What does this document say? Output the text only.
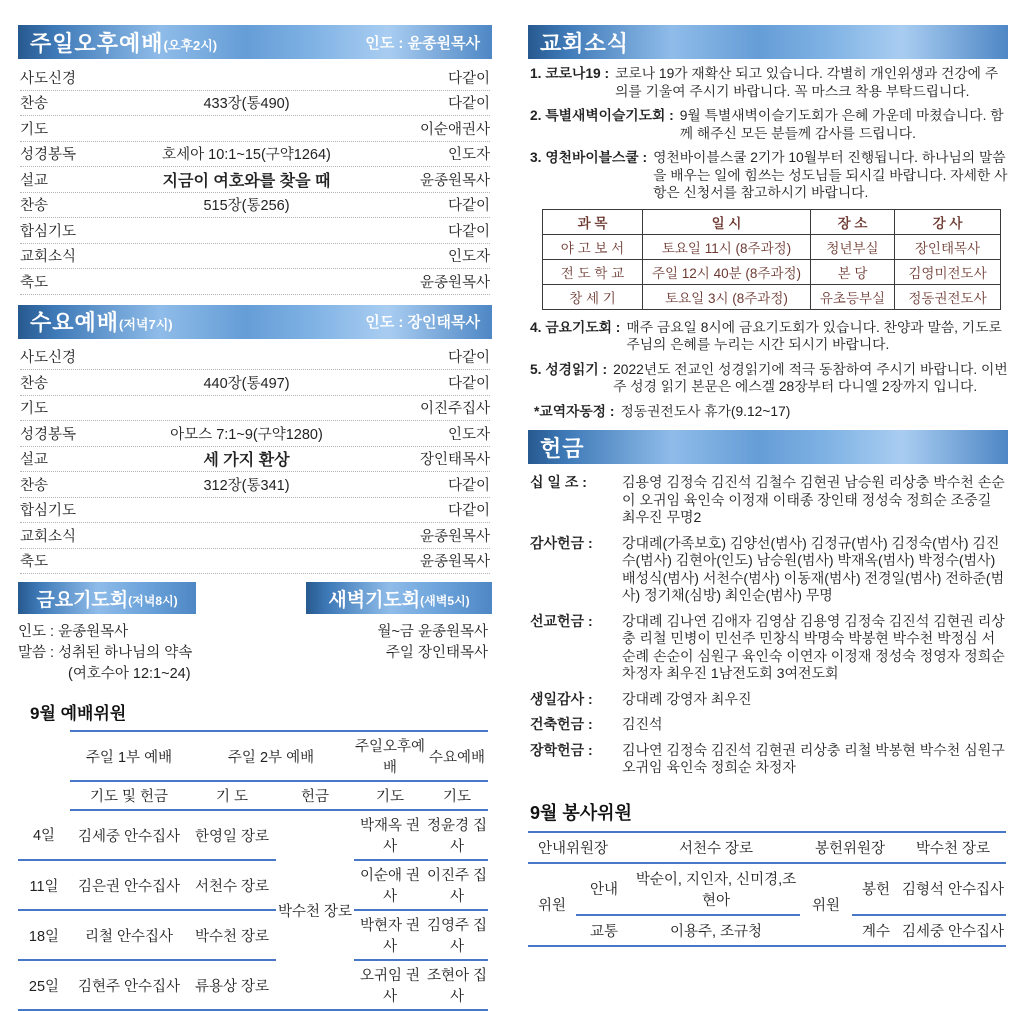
주일오후예배 (오후2시)	인도 : 윤종원목사
사도신경	다같이
찬송	433장(통490)	다같이
기도	이순애권사
성경봉독	호세아 10:1~15(구약1264)	인도자
설교	지금이 여호와를 찾을 때	윤종원목사
찬송	515장(통256)	다같이
합심기도	다같이
교회소식	인도자
축도	윤종원목사
수요예배 (저녁7시)	인도 : 장인태목사
사도신경	다같이
찬송	440장(통497)	다같이
기도	이진주집사
성경봉독	아모스 7:1~9(구약1280)	인도자
설교	세 가지 환상	장인태목사
찬송	312장(통341)	다같이
합심기도	다같이
교회소식	윤종원목사
축도	윤종원목사
금요기도회 (저녁8시)
인도 : 윤종원목사
말씀 : 성취된 하나님의 약속
(여호수아 12:1~24)
새벽기도회 (새벽5시)
월~금 윤종원목사
주일 장인태목사
9월 예배위원
	주일 1부 예배	주일 2부 예배		주일오후예배	수요예배
	기도 및 헌금	기 도	헌금	기도	기도
4일	김세중 안수집사	한영일 장로	박수천 장로	박재옥 권사	정윤경 집사
11일	김은권 안수집사	서천수 장로		이순애 권사	이진주 집사
18일	리철 안수집사	박수천 장로		박현자 권사	김영주 집사
25일	김현주 안수집사	류용상 장로		오귀임 권사	조현아 집사
교회소식
1. 코로나19 : 코로나 19가 재확산 되고 있습니다. 각별히 개인위생과 건강에 주의를 기울여 주시기 바랍니다. 꼭 마스크 착용 부탁드립니다.
2. 특별새벽이슬기도회 : 9월 특별새벽이슬기도회가 은혜 가운데 마쳤습니다. 함께 해주신 모든 분들께 감사를 드립니다.
3. 영천바이블스쿨 : 영천바이블스쿨 2기가 10월부터 진행됩니다. 하나님의 말씀을 배우는 일에 힘쓰는 성도님들 되시길 바랍니다. 자세한 사항은 신청서를 참고하시기 바랍니다.
과 목	일 시	장 소	강 사
야 고 보 서	토요일 11시 (8주과정)	청년부실	장인태목사
전 도 학 교	주일 12시 40분 (8주과정)	본 당	김영미전도사
창 세 기	토요일 3시 (8주과정)	유초등부실	정동권전도사
4. 금요기도회 : 매주 금요일 8시에 금요기도회가 있습니다. 찬양과 말씀, 기도로 주님의 은혜를 누리는 시간 되시기 바랍니다.
5. 성경읽기 : 2022년도 전교인 성경읽기에 적극 동참하여 주시기 바랍니다. 이번 주 성경 읽기 본문은 에스겔 28장부터 다니엘 2장까지 입니다.
*교역자동정 : 정동권전도사 휴가(9.12~17)
헌금
십 일 조 :	김용영 김정숙 김진석 김철수 김현권 남승원 리상충 박수천 손순이 오귀임 육인숙 이정재 이태종 장인태 정성숙 정희순 조중길 최우진 무명2
감사헌금 :	강대례(가족보호) 김양선(범사) 김정규(범사) 김정숙(범사) 김진수(범사) 김현아(인도) 남승원(범사) 박재옥(범사) 박정수(범사) 배성식(범사) 서천수(범사) 이동재(범사) 전경일(범사) 전하준(범사) 정기채(심방) 최인순(범사) 무명
선교헌금 :	강대례 김나연 김애자 김영삼 김용영 김정숙 김진석 김현권 리상충 리철 민병이 민선주 민창식 박명숙 박봉현 박수천 박정심 서순례 손순이 심원구 육인숙 이연자 이정재 정성숙 정영자 정희순 차정자 최우진 1남전도회 3여전도회
생일감사 :	강대례 강영자 최우진
건축헌금 :	김진석
장학헌금 :	김나연 김정숙 김진석 김현권 리상충 리철 박봉현 박수천 심원구 오귀임 육인숙 정희순 차정자
9월 봉사위원
안내위원장		서천수 장로	봉헌위원장		박수천 장로
위원	안내	박순이, 지인자, 신미경,조현아	위원	봉헌	김형석 안수집사
	교통	이용주, 조규청		계수	김세중 안수집사
